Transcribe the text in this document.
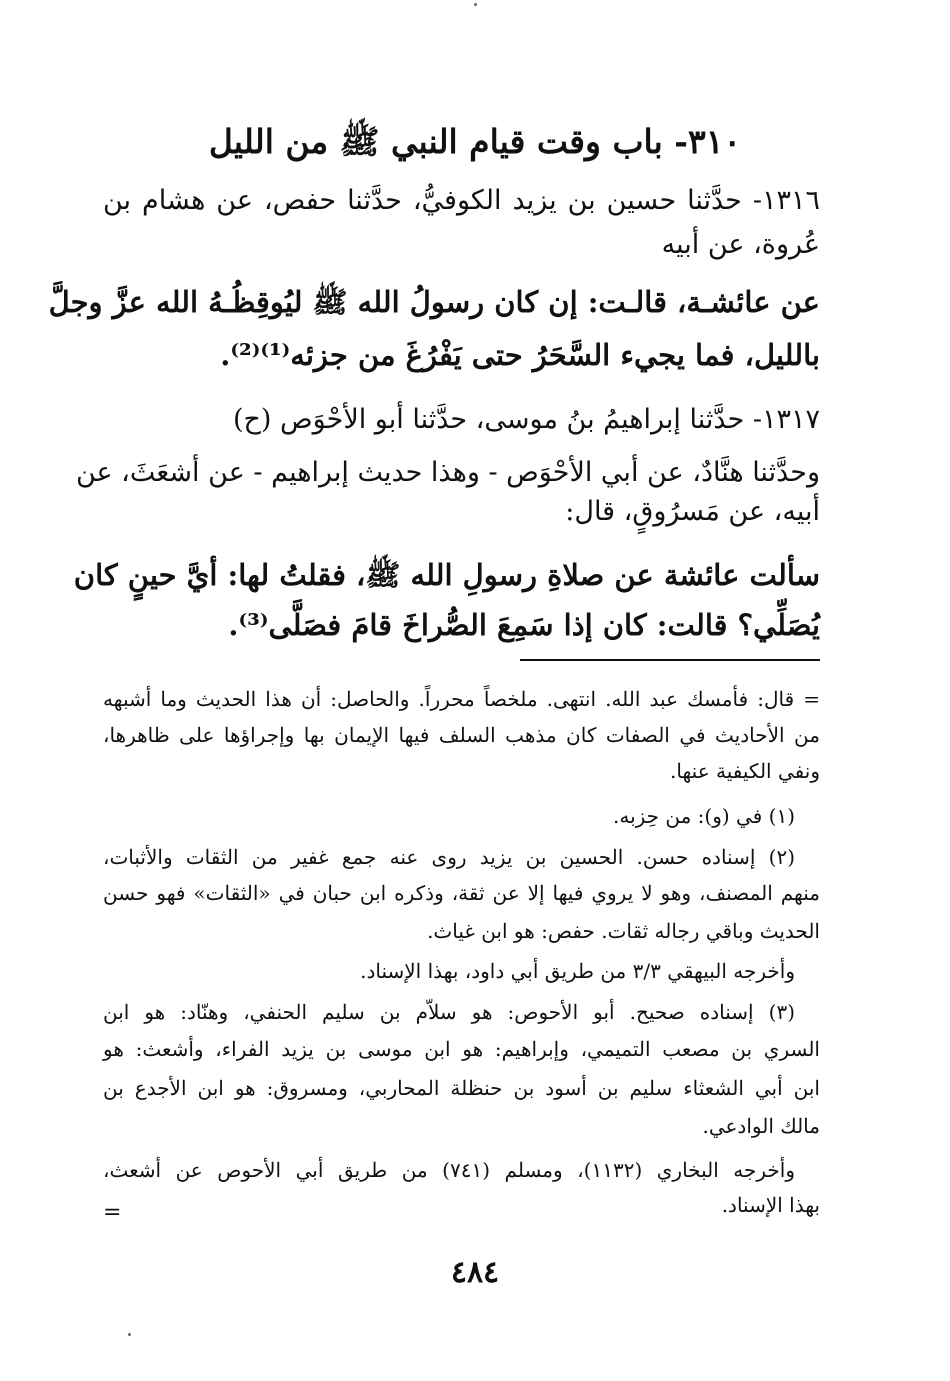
٣١٠- باب وقت قيام النبي ﷺ من الليل

١٣١٦- حدَّثنا حسين بن يزيد الكوفيُّ، حدَّثنا حفص، عن هشام بن

عُروة، عن أبيه

عن عائشـة، قالـت: إن كان رسولُ الله ﷺ ليُوقِظُـهُ الله عزَّ وجلَّ

بالليل، فما يجيء السَّحَرُ حتى يَفْرُغَ من جزئه⁽¹⁾⁽²⁾.

١٣١٧- حدَّثنا إبراهيمُ بنُ موسى، حدَّثنا أبو الأحْوَص (ح)

وحدَّثنا هنَّادٌ، عن أبي الأحْوَص - وهذا حديث إبراهيم - عن أشعَثَ، عن

أبيه، عن مَسرُوقٍ، قال:

سألت عائشة عن صلاةِ رسولِ الله ﷺ، فقلتُ لها: أيَّ حينٍ كان

يُصَلِّي؟ قالت: كان إذا سَمِعَ الصُّراخَ قامَ فصَلَّى⁽³⁾.

= قال: فأمسك عبد الله. انتهى. ملخصاً محرراً. والحاصل: أن هذا الحديث وما أشبهه

من الأحاديث في الصفات كان مذهب السلف فيها الإيمان بها وإجراؤها على ظاهرها،

ونفي الكيفية عنها.

(١) في (و): من حِزبه.

(٢) إسناده حسن. الحسين بن يزيد روى عنه جمع غفير من الثقات والأثبات،

منهم المصنف، وهو لا يروي فيها إلا عن ثقة، وذكره ابن حبان في «الثقات» فهو حسن

الحديث وباقي رجاله ثقات. حفص: هو ابن غياث.

وأخرجه البيهقي ٣/٣ من طريق أبي داود، بهذا الإسناد.

(٣) إسناده صحيح. أبو الأحوص: هو سلاّم بن سليم الحنفي، وهنّاد: هو ابن

السري بن مصعب التميمي، وإبراهيم: هو ابن موسى بن يزيد الفراء، وأشعث: هو

ابن أبي الشعثاء سليم بن أسود بن حنظلة المحاربي، ومسروق: هو ابن الأجدع بن

مالك الوادعي.

وأخرجه البخاري (١١٣٢)، ومسلم (٧٤١) من طريق أبي الأحوص عن أشعث،

بهذا الإسناد.

=
٤٨٤
